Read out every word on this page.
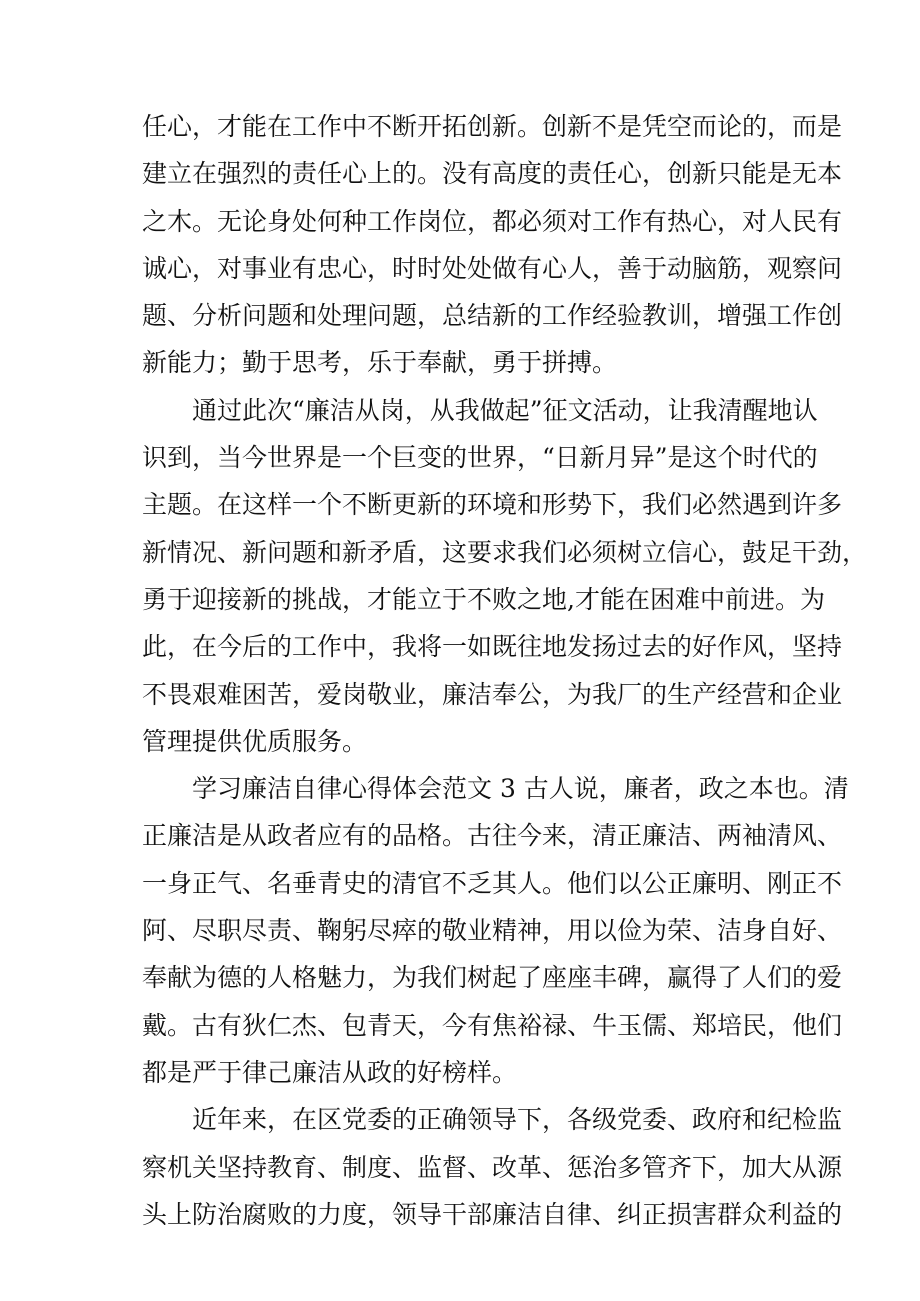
任心，才能在工作中不断开拓创新。创新不是凭空而论的，而是
建立在强烈的责任心上的。没有高度的责任心，创新只能是无本
之木。无论身处何种工作岗位，都必须对工作有热心，对人民有
诚心，对事业有忠心，时时处处做有心人，善于动脑筋，观察问
题、分析问题和处理问题，总结新的工作经验教训，增强工作创
新能力；勤于思考，乐于奉献，勇于拼搏。
通过此次“廉洁从岗，从我做起”征文活动，让我清醒地认
识到，当今世界是一个巨变的世界，“日新月异”是这个时代的
主题。在这样一个不断更新的环境和形势下，我们必然遇到许多
新情况、新问题和新矛盾，这要求我们必须树立信心，鼓足干劲，
勇于迎接新的挑战，才能立于不败之地,才能在困难中前进。为
此，在今后的工作中，我将一如既往地发扬过去的好作风，坚持
不畏艰难困苦，爱岗敬业，廉洁奉公，为我厂的生产经营和企业
管理提供优质服务。
学习廉洁自律心得体会范文 3 古人说，廉者，政之本也。清
正廉洁是从政者应有的品格。古往今来，清正廉洁、两袖清风、
一身正气、名垂青史的清官不乏其人。他们以公正廉明、刚正不
阿、尽职尽责、鞠躬尽瘁的敬业精神，用以俭为荣、洁身自好、
奉献为德的人格魅力，为我们树起了座座丰碑，赢得了人们的爱
戴。古有狄仁杰、包青天，今有焦裕禄、牛玉儒、郑培民，他们
都是严于律己廉洁从政的好榜样。
近年来，在区党委的正确领导下，各级党委、政府和纪检监
察机关坚持教育、制度、监督、改革、惩治多管齐下，加大从源
头上防治腐败的力度，领导干部廉洁自律、纠正损害群众利益的
